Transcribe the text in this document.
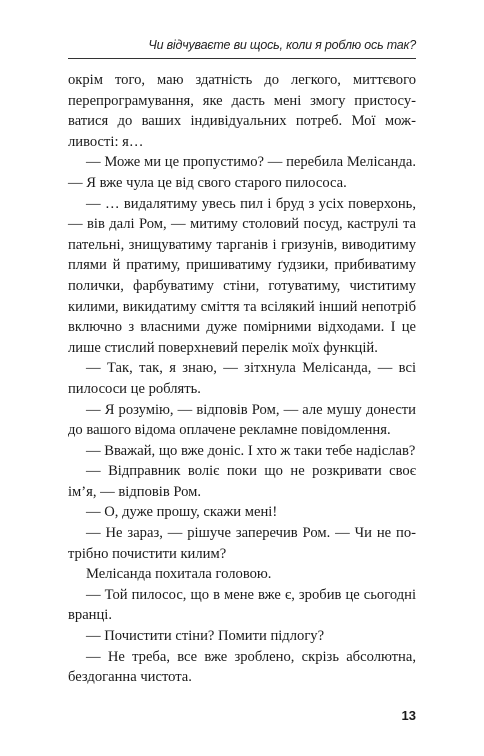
Чи відчуваєте ви щось, коли я роблю ось так?

окрім того, маю здатність до легкого, миттєвого перепрограмування, яке дасть мені змогу пристосуватися до ваших індивідуальних потреб. Мої можливості: я…

— Може ми це пропустимо? — перебила Мелісанда. — Я вже чула це від свого старого пилососа.

— … видалятиму увесь пил і бруд з усіх поверхонь, — вів далі Ром, — митиму столовий посуд, каструлі та пательні, знищуватиму тарганів і гризунів, виводитиму плями й пратиму, пришиватиму ґудзики, прибиватиму полички, фарбуватиму стіни, готуватиму, чиститиму килими, викидатиму сміття та всілякий інший непотріб включно з власними дуже помірними відходами. І це лише стислий поверхневий перелік моїх функцій.

— Так, так, я знаю, — зітхнула Мелісанда, — всі пилососи це роблять.

— Я розумію, — відповів Ром, — але мушу донести до вашого відома оплачене рекламне повідомлення.

— Вважай, що вже доніс. І хто ж таки тебе надіслав?

— Відправник воліє поки що не розкривати своє ім’я, — відповів Ром.

— О, дуже прошу, скажи мені!

— Не зараз, — рішуче заперечив Ром. — Чи не потрібно почистити килим?

Мелісанда похитала головою.

— Той пилосос, що в мене вже є, зробив це сьогодні вранці.

— Почистити стіни? Помити підлогу?

— Не треба, все вже зроблено, скрізь абсолютна, бездоганна чистота.

13
